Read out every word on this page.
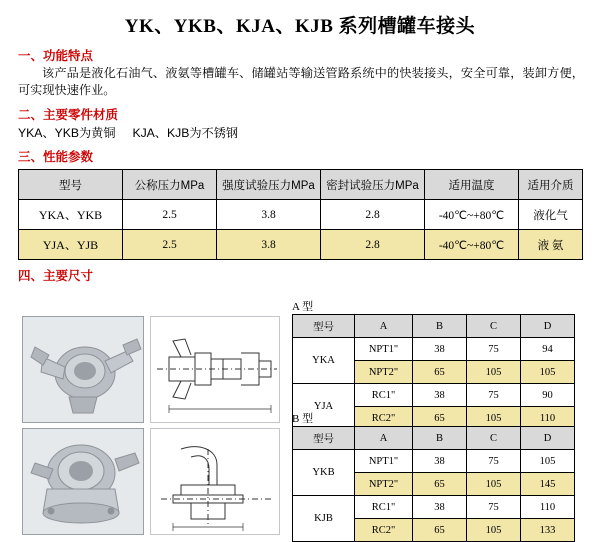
YK、YKB、KJA、KJB 系列槽罐车接头
一、功能特点
该产品是液化石油气、液氨等槽罐车、储罐站等输送管路系统中的快装接头，安全可靠，装卸方便，可实现快速作业。
二、主要零件材质
YKA、YKB为黄铜     KJA、KJB为不锈钢
三、性能参数
型号	公称压力MPa	强度试验压力MPa	密封试验压力MPa	适用温度	适用介质
YKA、YKB	2.5	3.8	2.8	-40℃~+80℃	液化气
YJA、YJB	2.5	3.8	2.8	-40℃~+80℃	液 氨
四、主要尺寸
A 型
型号	A	B	C	D
YKA	NPT1"	38	75	94
	NPT2"	65	105	105
YJA	RC1"	38	75	90
	RC2"	65	105	110
B 型
型号	A	B	C	D
YKB	NPT1"	38	75	105
	NPT2"	65	105	145
KJB	RC1"	38	75	110
	RC2"	65	105	133
